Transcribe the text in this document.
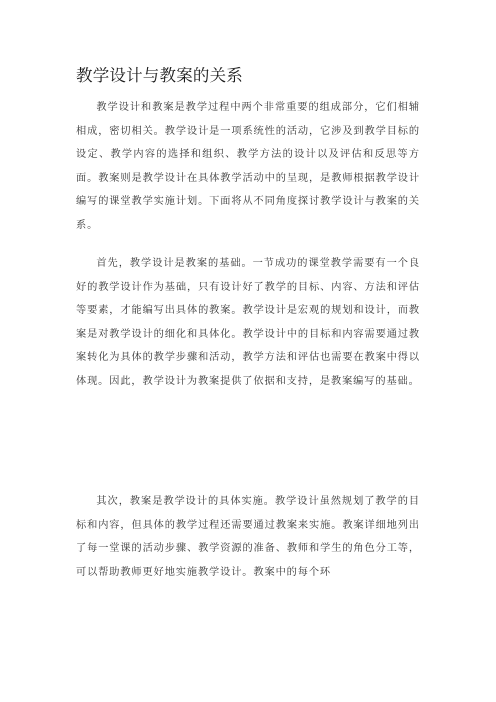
教学设计与教案的关系

教学设计和教案是教学过程中两个非常重要的组成部分，它们相辅相成，密切相关。教学设计是一项系统性的活动，它涉及到教学目标的设定、教学内容的选择和组织、教学方法的设计以及评估和反思等方面。教案则是教学设计在具体教学活动中的呈现，是教师根据教学设计编写的课堂教学实施计划。下面将从不同角度探讨教学设计与教案的关系。

首先，教学设计是教案的基础。一节成功的课堂教学需要有一个良好的教学设计作为基础，只有设计好了教学的目标、内容、方法和评估等要素，才能编写出具体的教案。教学设计是宏观的规划和设计，而教案是对教学设计的细化和具体化。教学设计中的目标和内容需要通过教案转化为具体的教学步骤和活动，教学方法和评估也需要在教案中得以体现。因此，教学设计为教案提供了依据和支持，是教案编写的基础。

其次，教案是教学设计的具体实施。教学设计虽然规划了教学的目标和内容，但具体的教学过程还需要通过教案来实施。教案详细地列出了每一堂课的活动步骤、教学资源的准备、教师和学生的角色分工等，可以帮助教师更好地实施教学设计。教案中的每个环
